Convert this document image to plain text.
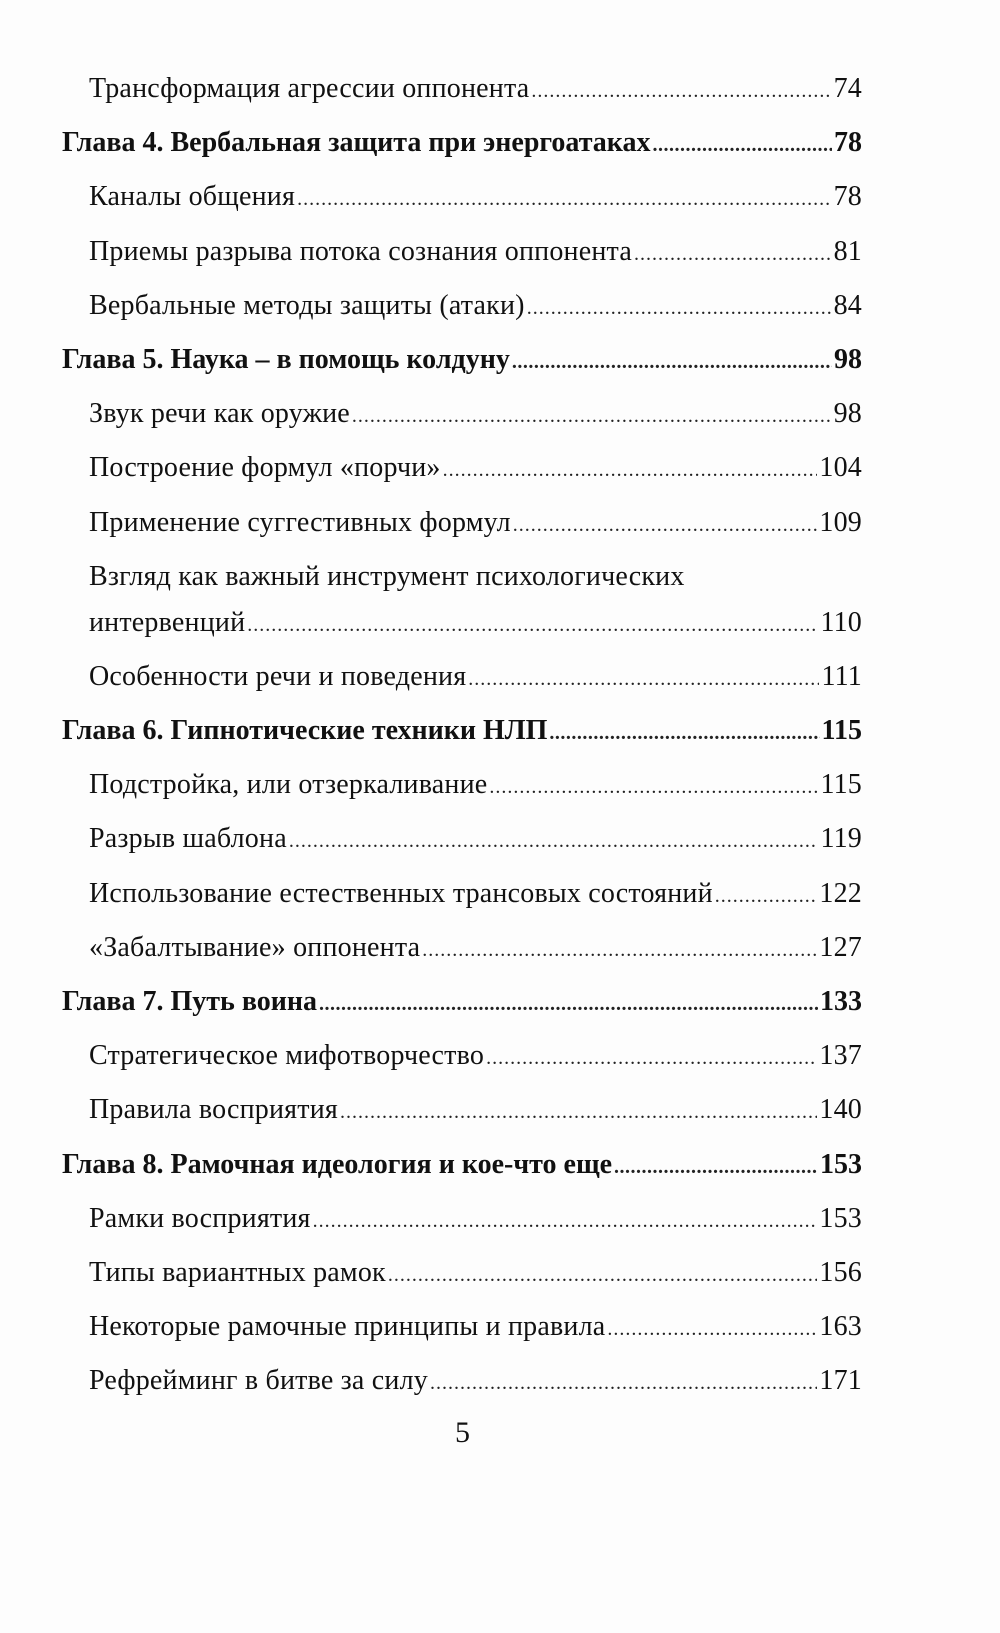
Трансформация агрессии оппонента .....	74
Глава 4. Вербальная защита при энергоатаках .....	78
Каналы общения .....	78
Приемы разрыва потока сознания оппонента .....	81
Вербальные методы защиты (атаки) .....	84
Глава 5. Наука – в помощь колдуну .....	98
Звук речи как оружие .....	98
Построение формул «порчи» .....	104
Применение суггестивных формул .....	109
Взгляд как важный инструмент психологических
интервенций .....	110
Особенности речи и поведения .....	111
Глава 6. Гипнотические техники НЛП .....	115
Подстройка, или отзеркаливание .....	115
Разрыв шаблона .....	119
Использование естественных трансовых состояний .....	122
«Забалтывание» оппонента .....	127
Глава 7. Путь воина .....	133
Стратегическое мифотворчество .....	137
Правила восприятия .....	140
Глава 8. Рамочная идеология и кое-что еще .....	153
Рамки восприятия .....	153
Типы вариантных рамок .....	156
Некоторые рамочные принципы и правила .....	163
Рефрейминг в битве за силу .....	171
5
